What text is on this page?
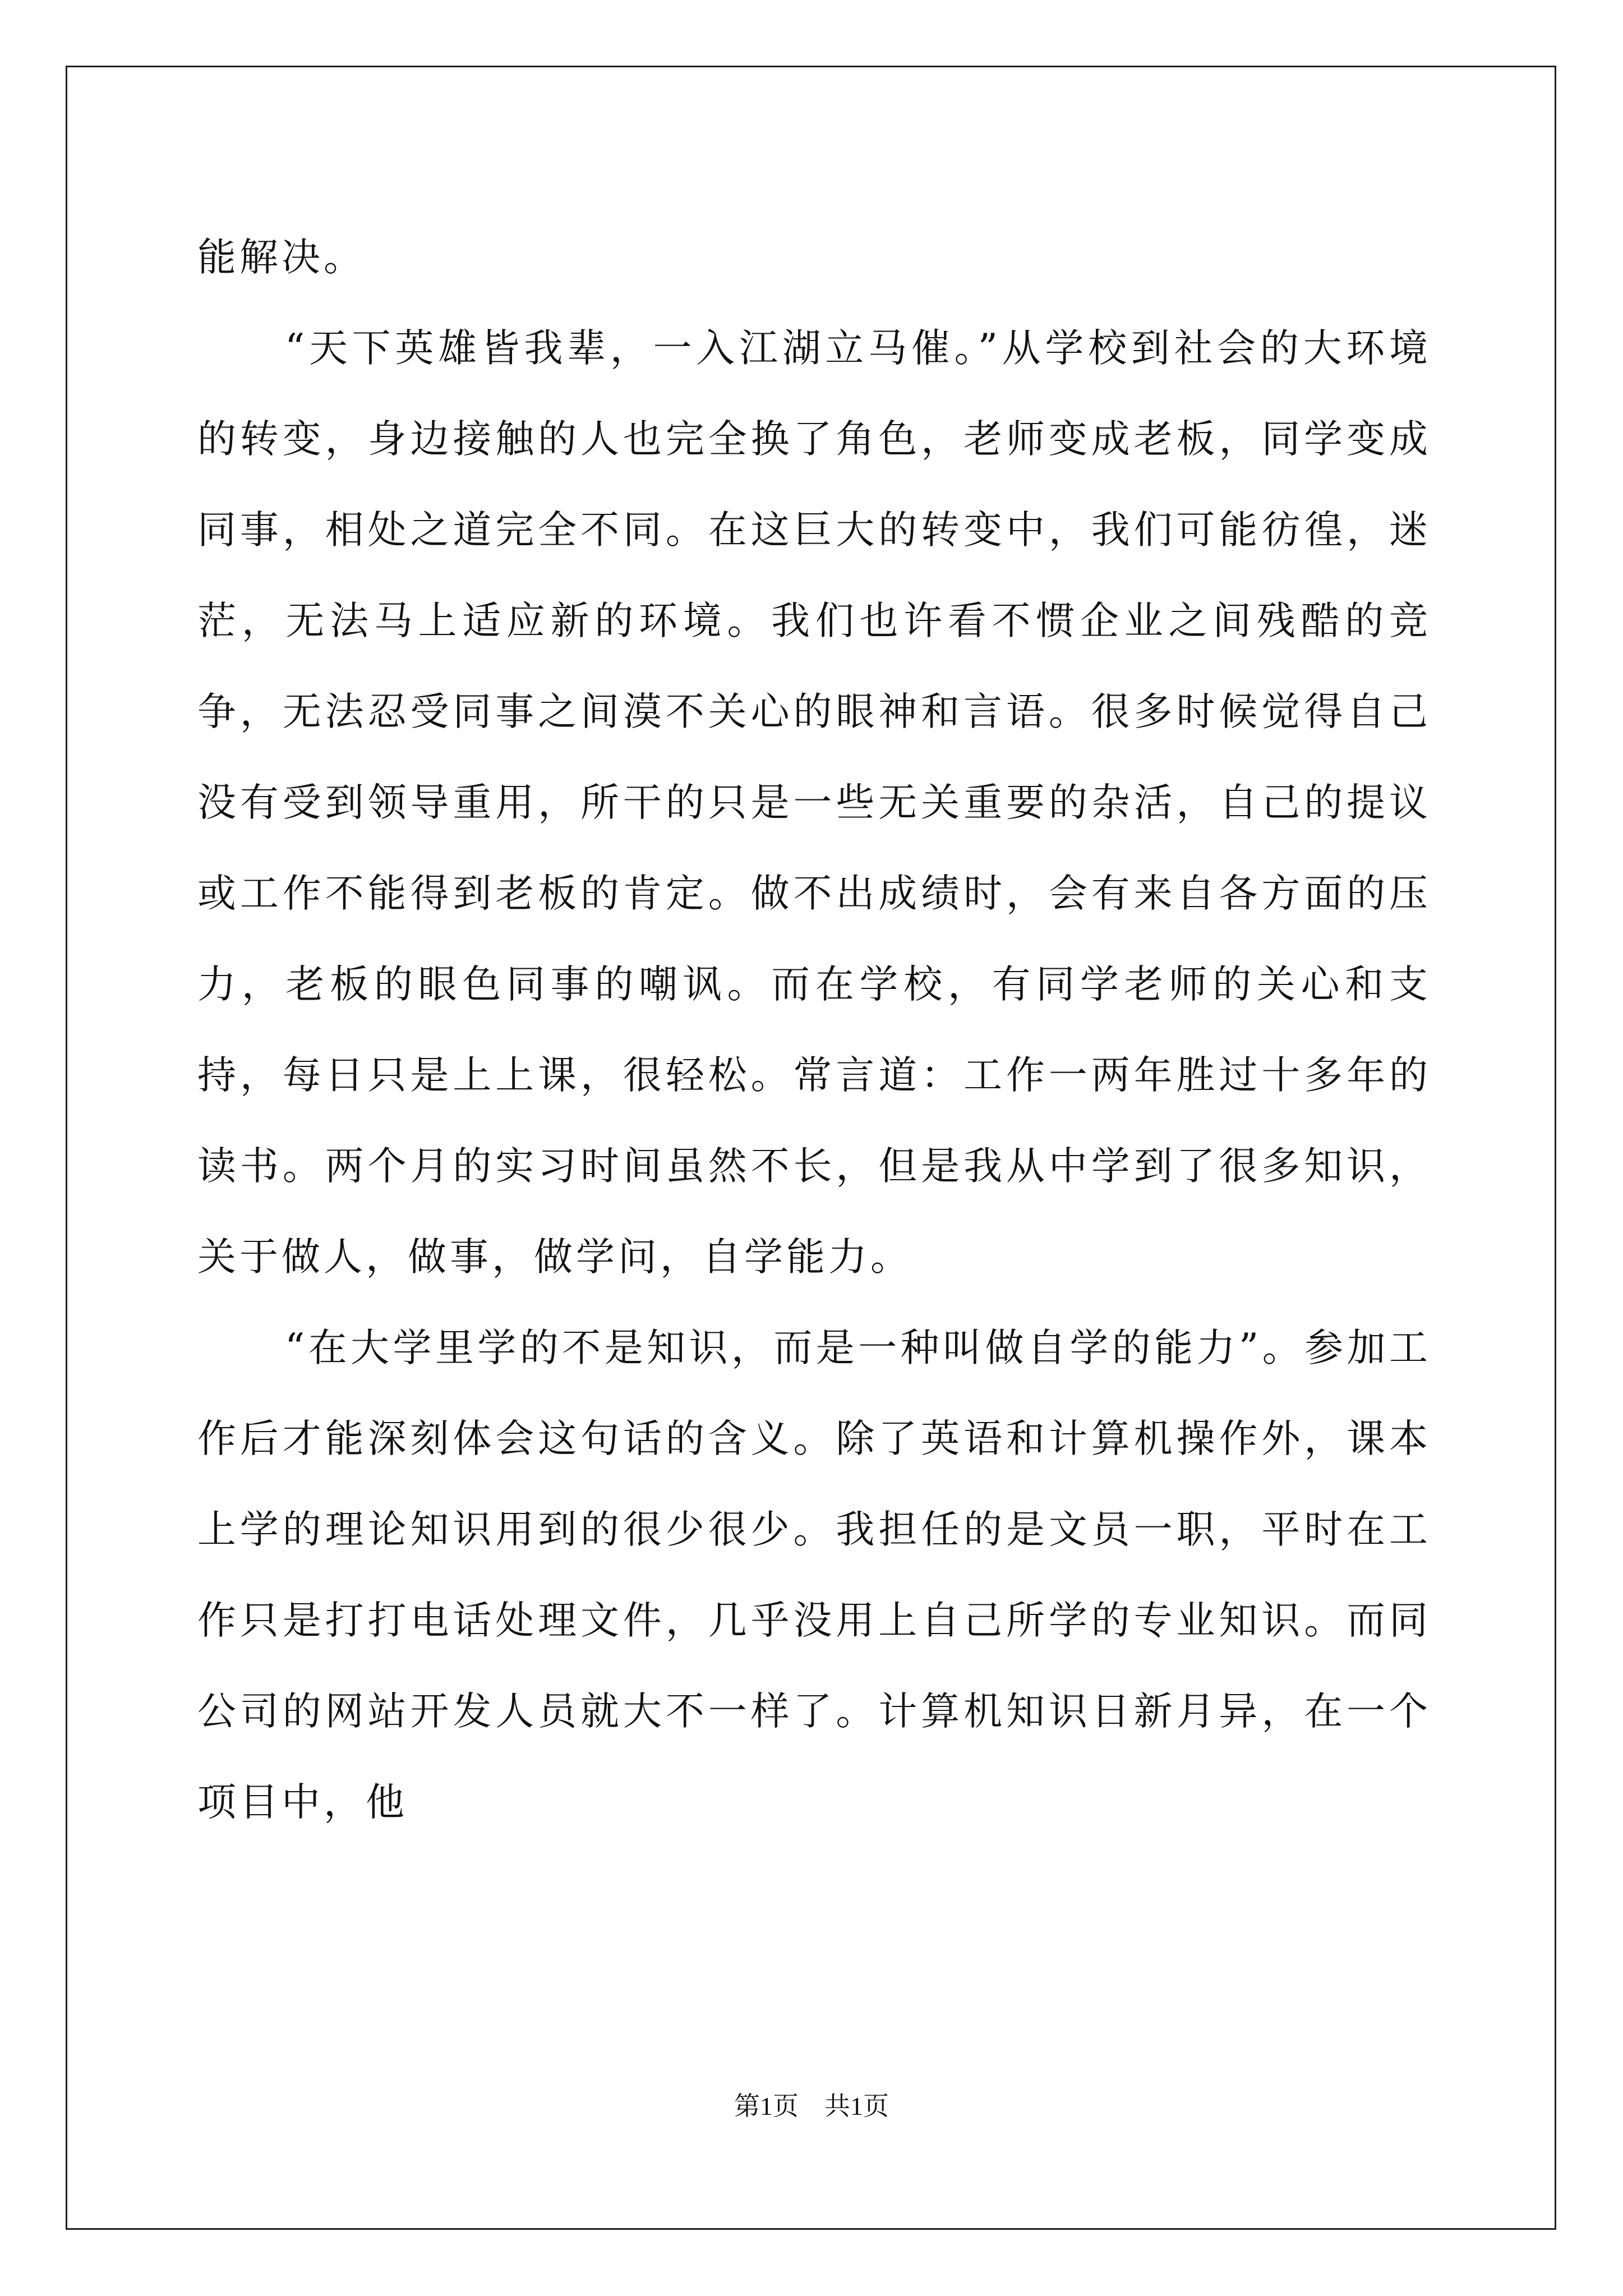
能解决。

“天下英雄皆我辈，一入江湖立马催。”从学校到社会的大环境的转变，身边接触的人也完全换了角色，老师变成老板，同学变成同事，相处之道完全不同。在这巨大的转变中，我们可能彷徨，迷茫，无法马上适应新的环境。我们也许看不惯企业之间残酷的竞争，无法忍受同事之间漠不关心的眼神和言语。很多时候觉得自己没有受到领导重用，所干的只是一些无关重要的杂活，自己的提议或工作不能得到老板的肯定。做不出成绩时，会有来自各方面的压力，老板的眼色同事的嘲讽。而在学校，有同学老师的关心和支持，每日只是上上课，很轻松。常言道：工作一两年胜过十多年的读书。两个月的实习时间虽然不长，但是我从中学到了很多知识，关于做人，做事，做学问，自学能力。

“在大学里学的不是知识，而是一种叫做自学的能力”。参加工作后才能深刻体会这句话的含义。除了英语和计算机操作外，课本上学的理论知识用到的很少很少。我担任的是文员一职，平时在工作只是打打电话处理文件，几乎没用上自己所学的专业知识。而同公司的网站开发人员就大不一样了。计算机知识日新月异，在一个项目中，他

第1页 共1页
